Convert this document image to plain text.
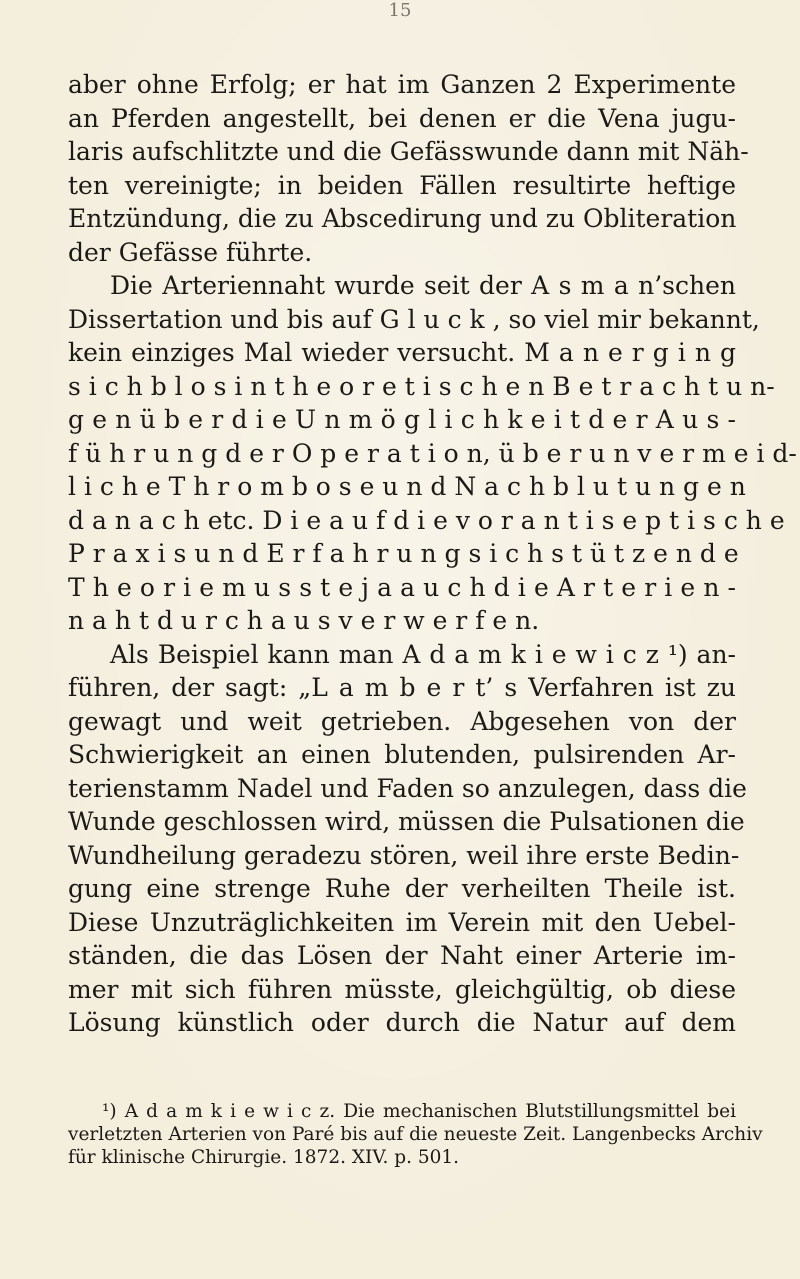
15
aber ohne Erfolg; er hat im Ganzen 2 Experimente
an Pferden angestellt, bei denen er die Vena jugu-
laris aufschlitzte und die Gefässwunde dann mit Näh-
ten vereinigte; in beiden Fällen resultirte heftige
Entzündung, die zu Abscedirung und zu Obliteration
der Gefässe führte.
Die Arteriennaht wurde seit der A s m a n’schen
Dissertation und bis auf G l u c k , so viel mir bekannt,
kein einziges Mal wieder versucht. M a n e r g i n g
s i c h b l o s i n t h e o r e t i s c h e n B e t r a c h t u n-
g e n ü b e r d i e U n m ö g l i c h k e i t d e r A u s -
f ü h r u n g d e r O p e r a t i o n, ü b e r u n v e r m e i d-
l i c h e T h r o m b o s e u n d N a c h b l u t u n g e n
d a n a c h etc. D i e a u f d i e v o r a n t i s e p t i s c h e
P r a x i s u n d E r f a h r u n g s i c h s t ü t z e n d e
T h e o r i e m u s s t e j a a u c h d i e A r t e r i e n -
n a h t d u r c h a u s v e r w e r f e n.
Als Beispiel kann man A d a m k i e w i c z ¹) an-
führen, der sagt: „L a m b e r t’ s Verfahren ist zu
gewagt und weit getrieben. Abgesehen von der
Schwierigkeit an einen blutenden, pulsirenden Ar-
terienstamm Nadel und Faden so anzulegen, dass die
Wunde geschlossen wird, müssen die Pulsationen die
Wundheilung geradezu stören, weil ihre erste Bedin-
gung eine strenge Ruhe der verheilten Theile ist.
Diese Unzuträglichkeiten im Verein mit den Uebel-
ständen, die das Lösen der Naht einer Arterie im-
mer mit sich führen müsste, gleichgültig, ob diese
Lösung künstlich oder durch die Natur auf dem
¹) A d a m k i e w i c z. Die mechanischen Blutstillungsmittel bei
verletzten Arterien von Paré bis auf die neueste Zeit. Langenbecks Archiv
für klinische Chirurgie. 1872. XIV. p. 501.
